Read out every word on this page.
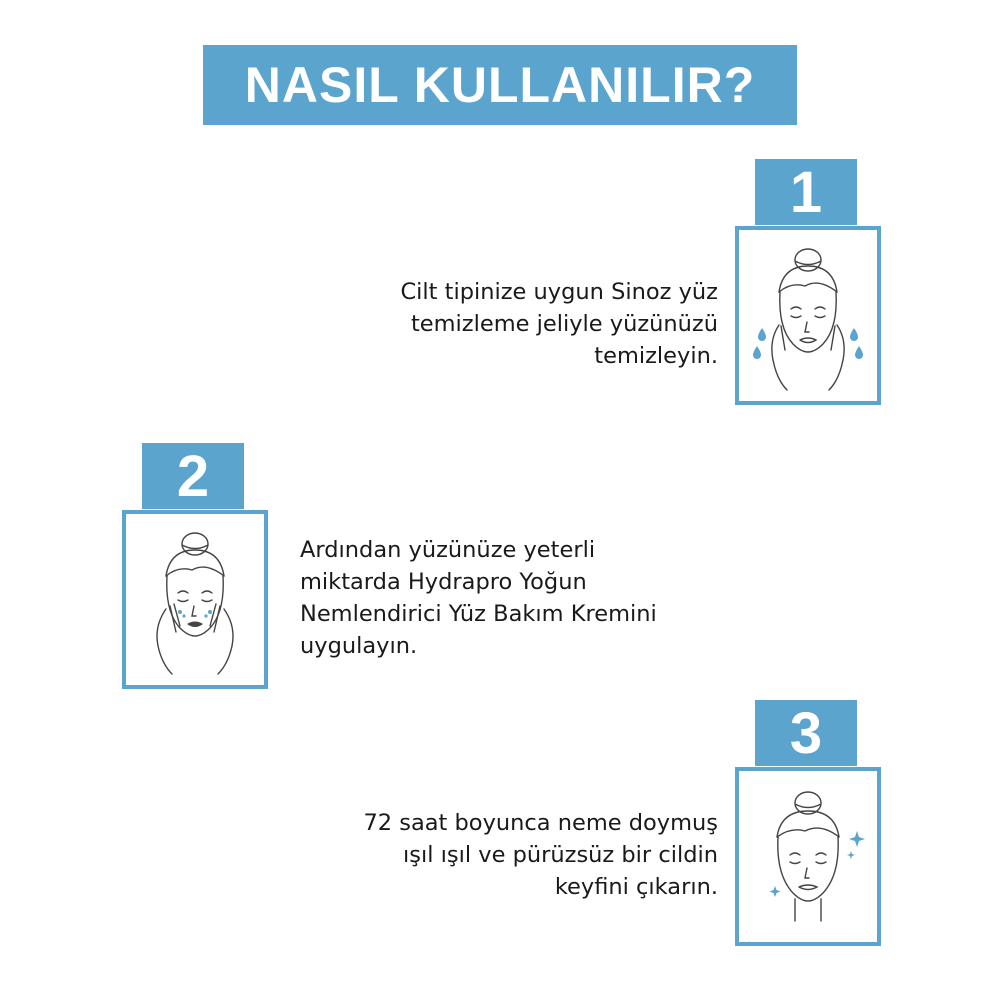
NASIL KULLANILIR?
1
Cilt tipinize uygun Sinoz yüz
temizleme jeliyle yüzünüzü
temizleyin.
2
Ardından yüzünüze yeterli
miktarda Hydrapro Yoğun
Nemlendirici Yüz Bakım Kremini
uygulayın.
3
72 saat boyunca neme doymuş
ışıl ışıl ve pürüzsüz bir cildin
keyfini çıkarın.
